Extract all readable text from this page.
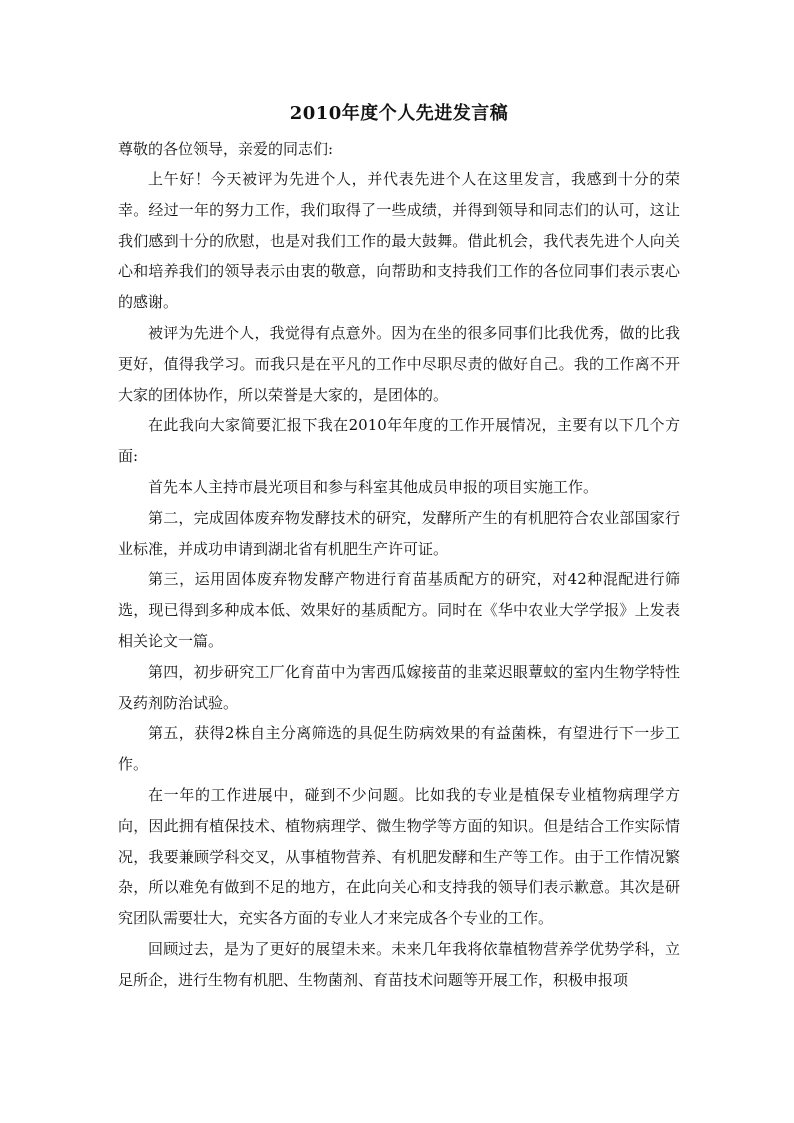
2010年度个人先进发言稿

尊敬的各位领导，亲爱的同志们:

上午好！今天被评为先进个人，并代表先进个人在这里发言，我感到十分的荣幸。经过一年的努力工作，我们取得了一些成绩，并得到领导和同志们的认可，这让我们感到十分的欣慰，也是对我们工作的最大鼓舞。借此机会，我代表先进个人向关心和培养我们的领导表示由衷的敬意，向帮助和支持我们工作的各位同事们表示衷心的感谢。

被评为先进个人，我觉得有点意外。因为在坐的很多同事们比我优秀，做的比我更好，值得我学习。而我只是在平凡的工作中尽职尽责的做好自己。我的工作离不开大家的团体协作，所以荣誉是大家的，是团体的。

在此我向大家简要汇报下我在2010年年度的工作开展情况，主要有以下几个方面:

首先本人主持市晨光项目和参与科室其他成员申报的项目实施工作。

第二，完成固体废弃物发酵技术的研究，发酵所产生的有机肥符合农业部国家行业标准，并成功申请到湖北省有机肥生产许可证。

第三，运用固体废弃物发酵产物进行育苗基质配方的研究，对42种混配进行筛选，现已得到多种成本低、效果好的基质配方。同时在《华中农业大学学报》上发表相关论文一篇。

第四，初步研究工厂化育苗中为害西瓜嫁接苗的韭菜迟眼蕈蚊的室内生物学特性及药剂防治试验。

第五，获得2株自主分离筛选的具促生防病效果的有益菌株，有望进行下一步工作。

在一年的工作进展中，碰到不少问题。比如我的专业是植保专业植物病理学方向，因此拥有植保技术、植物病理学、微生物学等方面的知识。但是结合工作实际情况，我要兼顾学科交叉，从事植物营养、有机肥发酵和生产等工作。由于工作情况繁杂，所以难免有做到不足的地方，在此向关心和支持我的领导们表示歉意。其次是研究团队需要壮大，充实各方面的专业人才来完成各个专业的工作。

回顾过去，是为了更好的展望未来。未来几年我将依靠植物营养学优势学科，立足所企，进行生物有机肥、生物菌剂、育苗技术问题等开展工作，积极申报项
